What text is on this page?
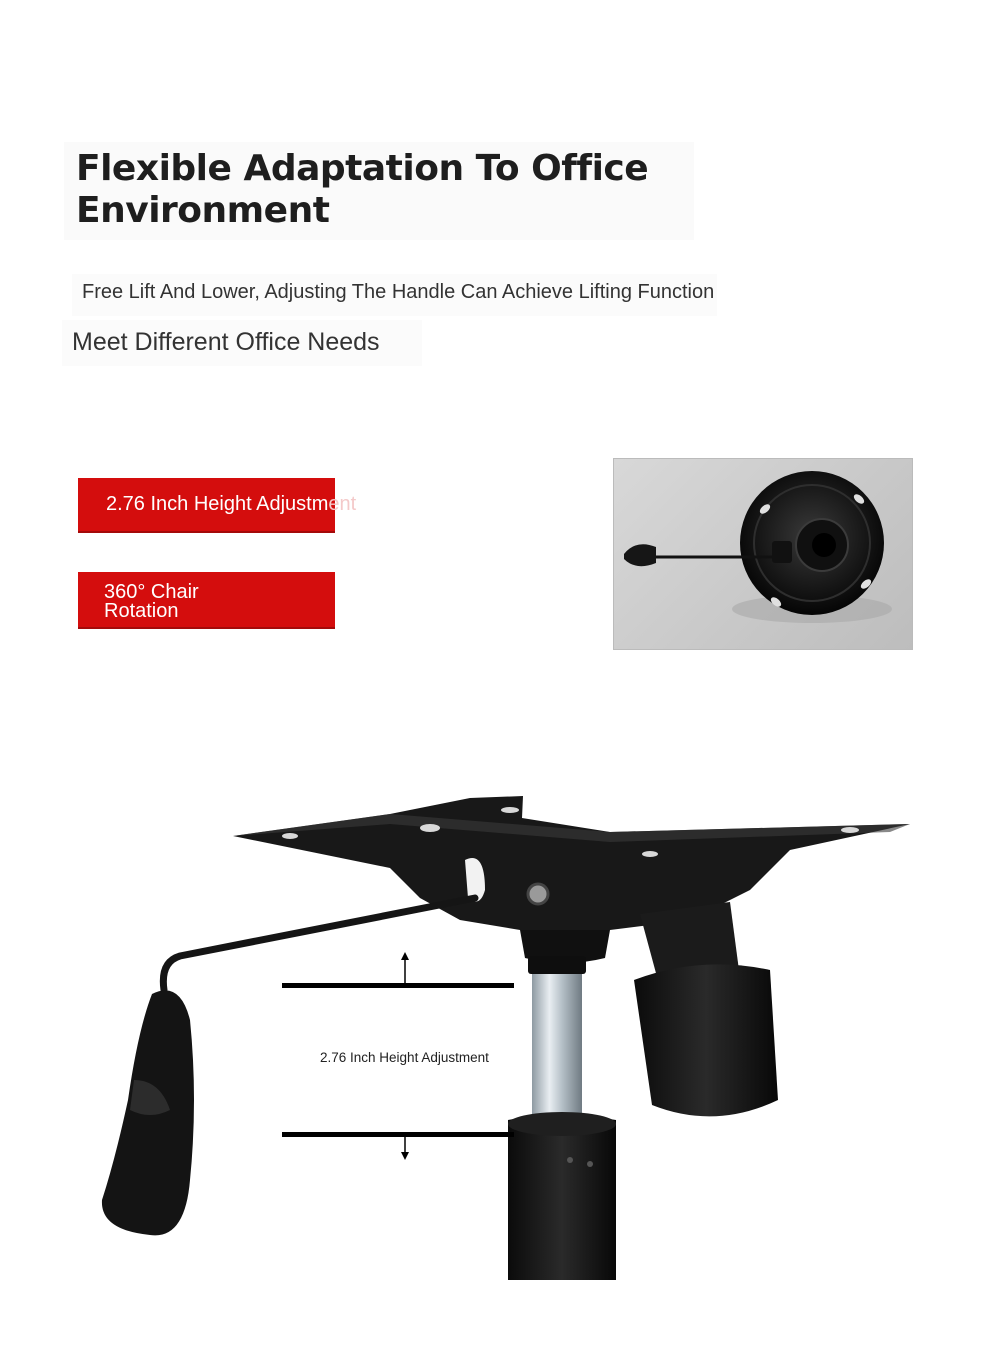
Flexible Adaptation To Office
Environment
Free Lift And Lower, Adjusting The Handle Can Achieve Lifting Function
Meet Different Office Needs
2.76 Inch Height Adjustment
360° Chair
Rotation
2.76 Inch Height Adjustment
